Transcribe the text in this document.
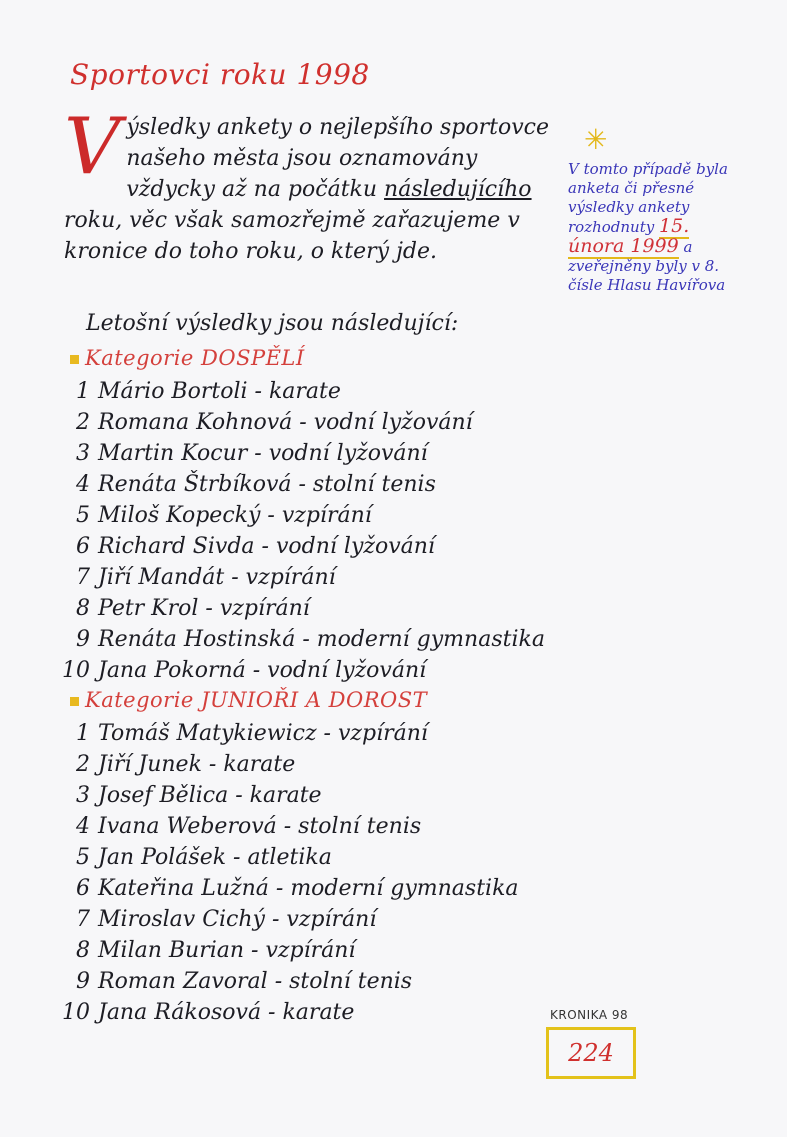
Sportovci roku 1998
Výsledky ankety o nejlepšího sportovce našeho města jsou oznamovány vždycky až na počátku následujícího roku, věc však samozřejmě zařazujeme v kronice do toho roku, o který jde.
Letošní výsledky jsou následující:
✳
V tomto případě byla anketa či přesné výsledky ankety rozhodnuty 15. února 1999 a zveřejněny byly v 8. čísle Hlasu Havířova
Kategorie DOSPĚLÍ
1 Mário Bortoli - karate
2 Romana Kohnová - vodní lyžování
3 Martin Kocur - vodní lyžování
4 Renáta Štrbíková - stolní tenis
5 Miloš Kopecký - vzpírání
6 Richard Sivda - vodní lyžování
7 Jiří Mandát - vzpírání
8 Petr Krol - vzpírání
9 Renáta Hostinská - moderní gymnastika
10 Jana Pokorná - vodní lyžování
Kategorie JUNIOŘI A DOROST
1 Tomáš Matykiewicz - vzpírání
2 Jiří Junek - karate
3 Josef Bělica - karate
4 Ivana Weberová - stolní tenis
5 Jan Polášek - atletika
6 Kateřina Lužná - moderní gymnastika
7 Miroslav Cichý - vzpírání
8 Milan Burian - vzpírání
9 Roman Zavoral - stolní tenis
10 Jana Rákosová - karate	KRONIKA 98
224
